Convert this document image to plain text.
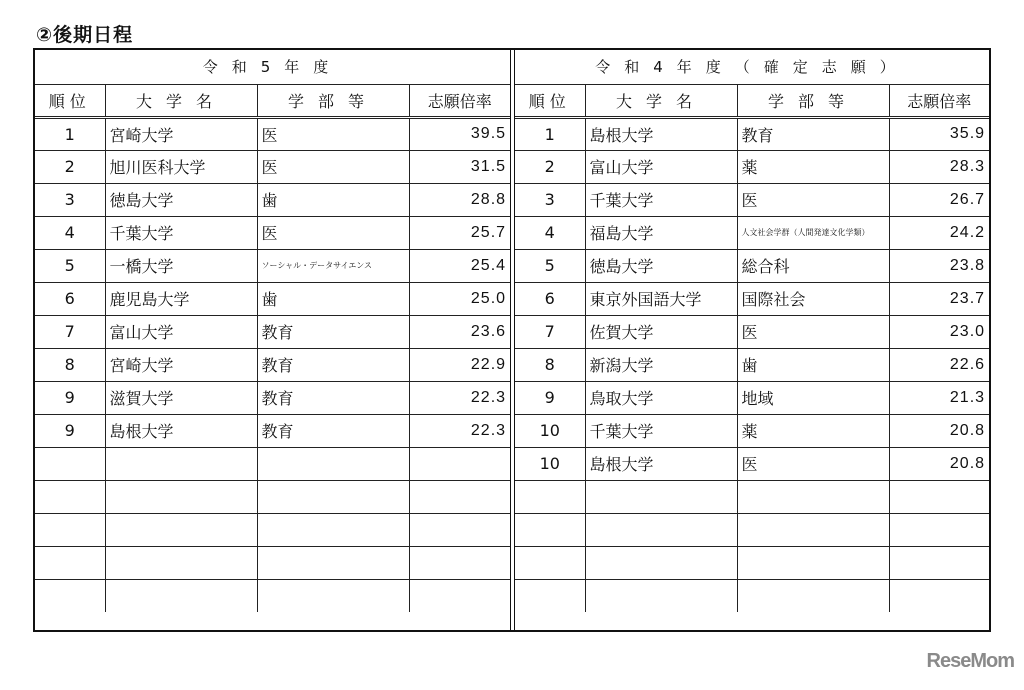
②後期日程
令和5年度			
順位	大学名	学部等	志願倍率
1	宮崎大学	医	39.5
2	旭川医科大学	医	31.5
3	徳島大学	歯	28.8
4	千葉大学	医	25.7
5	一橋大学	ソーシャル・データサイエンス	25.4
6	鹿児島大学	歯	25.0
7	富山大学	教育	23.6
8	宮崎大学	教育	22.9
9	滋賀大学	教育	22.3
9	島根大学	教育	22.3

令和4年度（確定志願）			
順位	大学名	学部等	志願倍率
1	島根大学	教育	35.9
2	富山大学	薬	28.3
3	千葉大学	医	26.7
4	福島大学	人文社会学群（人間発達文化学類）	24.2
5	徳島大学	総合科	23.8
6	東京外国語大学	国際社会	23.7
7	佐賀大学	医	23.0
8	新潟大学	歯	22.6
9	鳥取大学	地域	21.3
10	千葉大学	薬	20.8
10	島根大学	医	20.8

ReseMom
